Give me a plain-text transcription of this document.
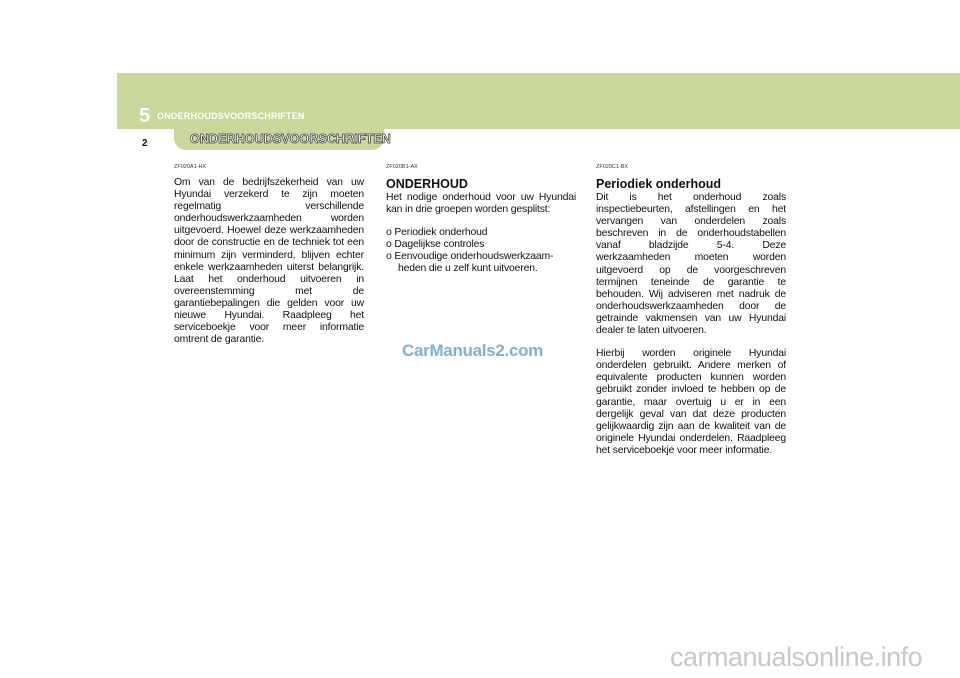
5 ONDERHOUDSVOORSCHRIFTEN
2	ONDERHOUDSVOORSCHRIFTEN

ZF020A1-HX

Om van de bedrijfszekerheid van uw Hyundai verzekerd te zijn moeten regelmatig verschillende onderhoudswerkzaamheden worden uitgevoerd. Hoewel deze werkzaamheden door de constructie en de techniek tot een minimum zijn verminderd, blijven echter enkele werkzaamheden uiterst belangrijk. Laat het onderhoud uitvoeren in overeenstemming met de garantiebepalingen die gelden voor uw nieuwe Hyundai. Raadpleeg het serviceboekje voor meer informatie omtrent de garantie.

ZF020B1-AX

ONDERHOUD

Het nodige onderhoud voor uw Hyundai kan in drie groepen worden gesplitst:

o Periodiek onderhoud
o Dagelijkse controles
o Eenvoudige onderhoudswerkzaam- heden die u zelf kunt uitvoeren.

ZF020C1-BX

Periodiek onderhoud

Dit is het onderhoud zoals inspectiebeurten, afstellingen en het vervangen van onderdelen zoals beschreven in de onderhoudstabellen vanaf bladzijde 5-4. Deze werkzaamheden moeten worden uitgevoerd op de voorgeschreven termijnen teneinde de garantie te behouden. Wij adviseren met nadruk de onderhoudswerkzaamheden door de getrainde vakmensen van uw Hyundai dealer te laten uitvoeren.

Hierbij worden originele Hyundai onderdelen gebruikt. Andere merken of equivalente producten kunnen worden gebruikt zonder invloed te hebben op de garantie, maar overtuig u er in een dergelijk geval van dat deze producten gelijkwaardig zijn aan de kwaliteit van de originele Hyundai onderdelen. Raadpleeg het serviceboekje voor meer informatie.

CarManuals2.com
carmanualsonline.info
